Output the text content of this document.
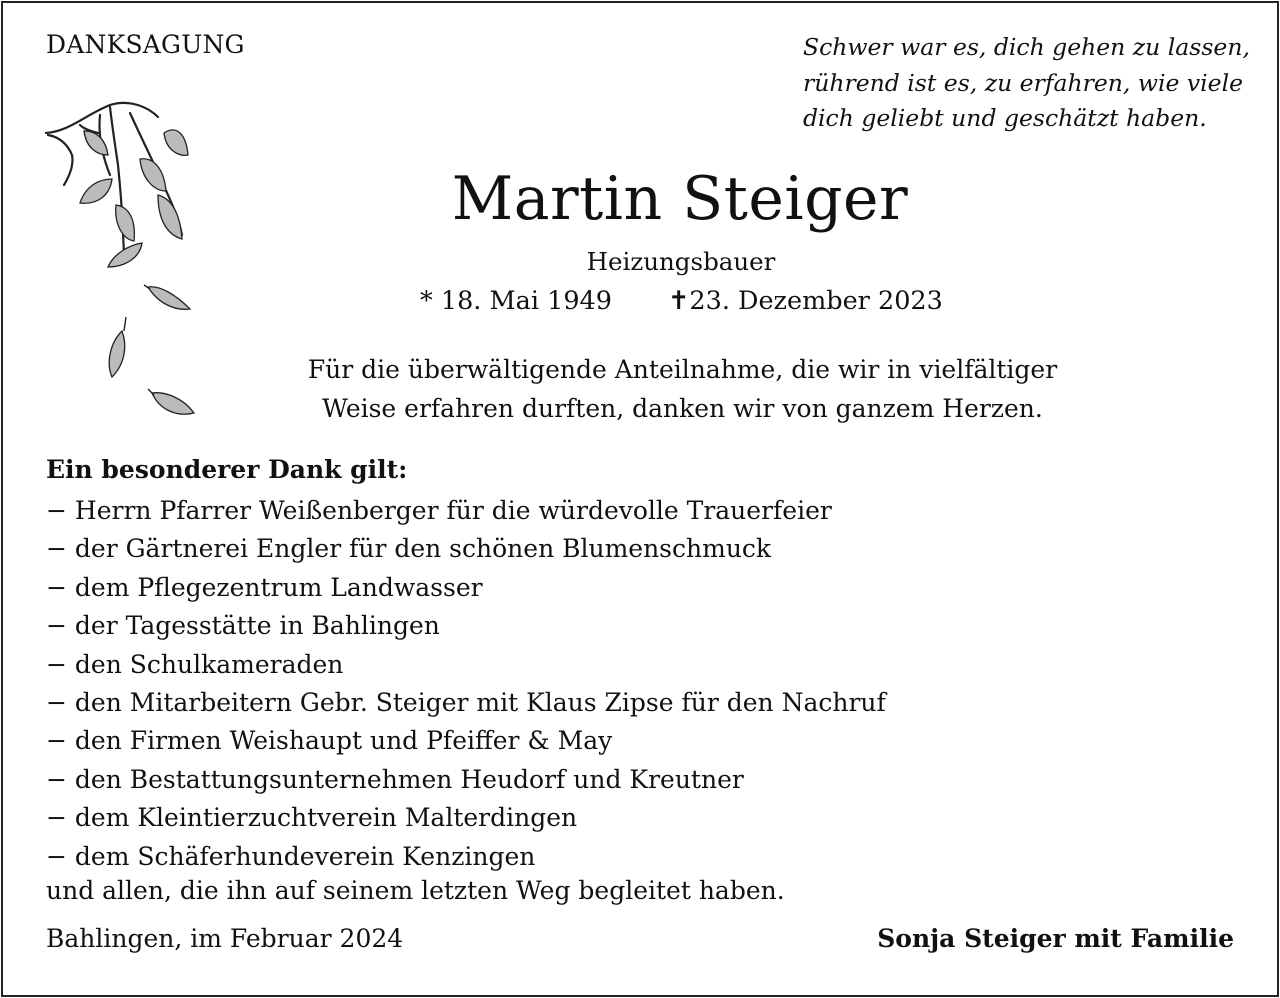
DANKSAGUNG	Schwer war es, dich gehen zu lassen,
rührend ist es, zu erfahren, wie viele
dich geliebt und geschätzt haben.
Martin Steiger
Heizungsbauer
* 18. Mai 1949 ✝23. Dezember 2023
Für die überwältigende Anteilnahme, die wir in vielfältiger
Weise erfahren durften, danken wir von ganzem Herzen.
Ein besonderer Dank gilt:
− Herrn Pfarrer Weißenberger für die würdevolle Trauerfeier
− der Gärtnerei Engler für den schönen Blumenschmuck
− dem Pflegezentrum Landwasser
− der Tagesstätte in Bahlingen
− den Schulkameraden
− den Mitarbeitern Gebr. Steiger mit Klaus Zipse für den Nachruf
− den Firmen Weishaupt und Pfeiffer & May
− den Bestattungsunternehmen Heudorf und Kreutner
− dem Kleintierzuchtverein Malterdingen
− dem Schäferhundeverein Kenzingen
und allen, die ihn auf seinem letzten Weg begleitet haben.
Bahlingen, im Februar 2024	Sonja Steiger mit Familie
